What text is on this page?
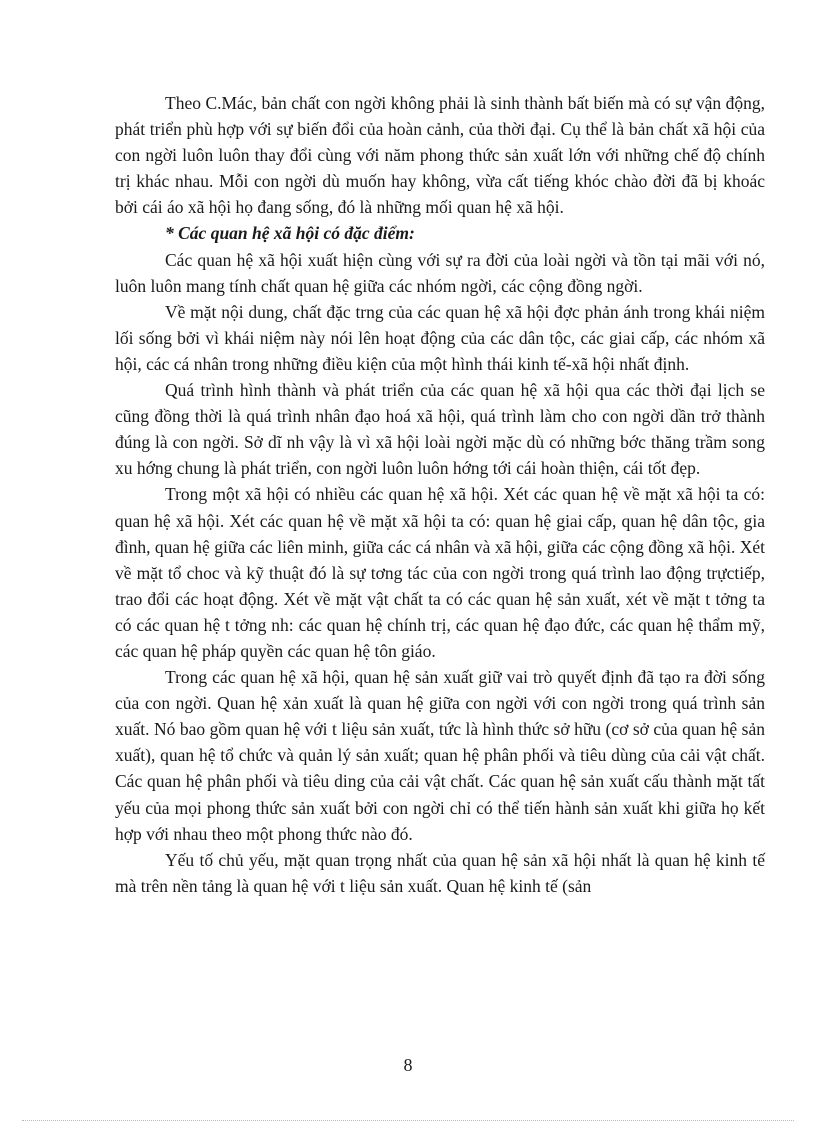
Theo C.Mác, bản chất con ngời không phải là sinh thành bất biến mà có sự vận động, phát triển phù hợp với sự biến đổi của hoàn cảnh, của thời đại. Cụ thể là bản chất xã hội của con ngời luôn luôn thay đổi cùng với năm phong thức sản xuất lớn với những chế độ chính trị khác nhau. Mỗi con ngời dù muốn hay không, vừa cất tiếng khóc chào đời đã bị khoác bởi cái áo xã hội họ đang sống, đó là những mối quan hệ xã hội.

* Các quan hệ xã hội có đặc điểm:

Các quan hệ xã hội xuất hiện cùng với sự ra đời của loài ngời và tồn tại mãi với nó, luôn luôn mang tính chất quan hệ giữa các nhóm ngời, các cộng đồng ngời.

Về mặt nội dung, chất đặc trng của các quan hệ xã hội đợc phản ánh trong khái niệm lối sống bởi vì khái niệm này nói lên hoạt động của các dân tộc, các giai cấp, các nhóm xã hội, các cá nhân trong những điều kiện của một hình thái kinh tế-xã hội nhất định.

Quá trình hình thành và phát triển của các quan hệ xã hội qua các thời đại lịch se cũng đồng thời là quá trình nhân đạo hoá xã hội, quá trình làm cho con ngời dần trở thành đúng là con ngời. Sở dĩ nh vậy là vì xã hội loài ngời mặc dù có những bớc thăng trầm song xu hớng chung là phát triển, con ngời luôn luôn hớng tới cái hoàn thiện, cái tốt đẹp.

Trong một xã hội có nhiều các quan hệ xã hội. Xét các quan hệ về mặt xã hội ta có: quan hệ xã hội. Xét các quan hệ về mặt xã hội ta có: quan hệ giai cấp, quan hệ dân tộc, gia đình, quan hệ giữa các liên minh, giữa các cá nhân và xã hội, giữa các cộng đồng xã hội. Xét về mặt tổ choc và kỹ thuật đó là sự tơng tác của con ngời trong quá trình lao động trựctiếp, trao đổi các hoạt động. Xét về mặt vật chất ta có các quan hệ sản xuất, xét về mặt t tởng ta có các quan hệ t tởng nh: các quan hệ chính trị, các quan hệ đạo đức, các quan hệ thẩm mỹ, các quan hệ pháp quyền các quan hệ tôn giáo.

Trong các quan hệ xã hội, quan hệ sản xuất giữ vai trò quyết định đã tạo ra đời sống của con ngời. Quan hệ xản xuất là quan hệ giữa con ngời với con ngời trong quá trình sản xuất. Nó bao gồm quan hệ với t liệu sản xuất, tức là hình thức sở hữu (cơ sở của quan hệ sản xuất), quan hệ tổ chức và quản lý sản xuất; quan hệ phân phối và tiêu dùng của cải vật chất. Các quan hệ phân phối và tiêu ding của cải vật chất. Các quan hệ sản xuất cấu thành mặt tất yếu của mọi phong thức sản xuất bởi con ngời chỉ có thể tiến hành sản xuất khi giữa họ kết hợp với nhau theo một phong thức nào đó.

Yếu tố chủ yếu, mặt quan trọng nhất của quan hệ sản xã hội nhất là quan hệ kinh tế mà trên nền tảng là quan hệ với t liệu sản xuất. Quan hệ kinh tế (sản

8
